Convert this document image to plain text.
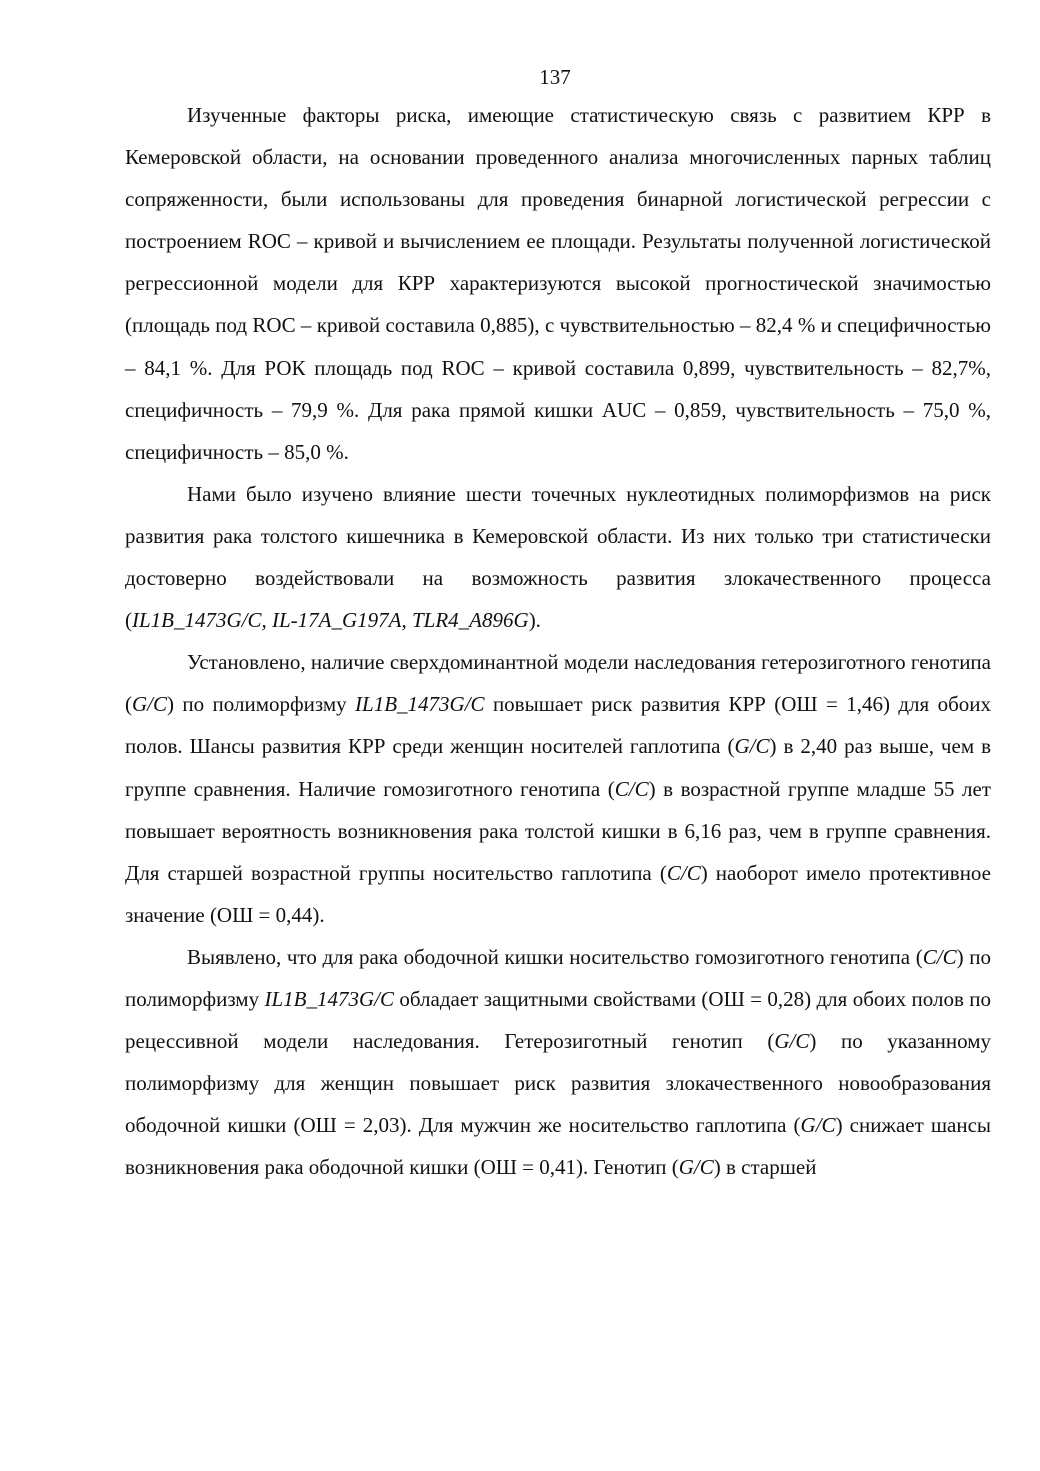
137

Изученные факторы риска, имеющие статистическую связь с развитием КРР в Кемеровской области, на основании проведенного анализа многочисленных парных таблиц сопряженности, были использованы для проведения бинарной логистической регрессии с построением ROC – кривой и вычислением ее площади. Результаты полученной логистической регрессионной модели для КРР характеризуются высокой прогностической значимостью (площадь под ROC – кривой составила 0,885), с чувствительностью – 82,4 % и специфичностью – 84,1 %. Для РОК площадь под ROC – кривой составила 0,899, чувствительность – 82,7%, специфичность – 79,9 %. Для рака прямой кишки AUC – 0,859, чувствительность – 75,0 %, специфичность – 85,0 %.

Нами было изучено влияние шести точечных нуклеотидных полиморфизмов на риск развития рака толстого кишечника в Кемеровской области. Из них только три статистически достоверно воздействовали на возможность развития злокачественного процесса (IL1B_1473G/C, IL-17A_G197A, TLR4_A896G).

Установлено, наличие сверхдоминантной модели наследования гетерозиготного генотипа (G/C) по полиморфизму IL1B_1473G/C повышает риск развития КРР (ОШ = 1,46) для обоих полов. Шансы развития КРР среди женщин носителей гаплотипа (G/C) в 2,40 раз выше, чем в группе сравнения. Наличие гомозиготного генотипа (C/C) в возрастной группе младше 55 лет повышает вероятность возникновения рака толстой кишки в 6,16 раз, чем в группе сравнения. Для старшей возрастной группы носительство гаплотипа (C/C) наоборот имело протективное значение (ОШ = 0,44).

Выявлено, что для рака ободочной кишки носительство гомозиготного генотипа (C/C) по полиморфизму IL1B_1473G/C обладает защитными свойствами (ОШ = 0,28) для обоих полов по рецессивной модели наследования. Гетерозиготный генотип (G/C) по указанному полиморфизму для женщин повышает риск развития злокачественного новообразования ободочной кишки (ОШ = 2,03). Для мужчин же носительство гаплотипа (G/C) снижает шансы возникновения рака ободочной кишки (ОШ = 0,41). Генотип (G/C) в старшей
